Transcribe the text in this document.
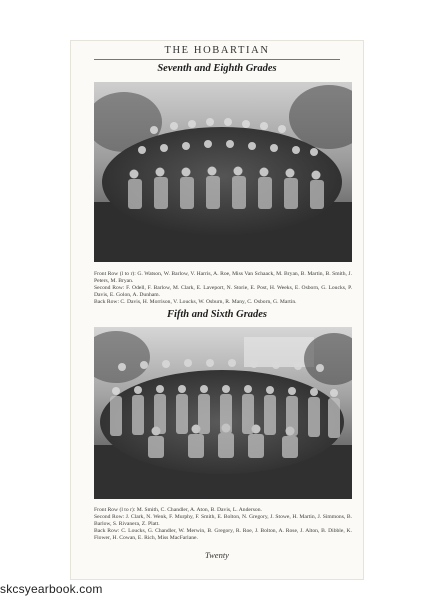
THE HOBARTIAN
Seventh and Eighth Grades
Front Row (l to r): G. Watson, W. Barlow, V. Harris, A. Roe, Miss Van Schaack, M. Bryan, B. Martin, B. Smith, J. Peters, M. Bryan.
Second Row: F. Odell, F. Barlow, M. Clark, E. Laveport, N. Storie, E. Post, H. Weeks, E. Osborn, G. Loucks, P. Davis, E. Golon, A. Dunham.
Back Row: C. Davis, H. Morrison, V. Loucks, W. Osburn, R. Many, C. Osborn, G. Martin.
Fifth and Sixth Grades
Front Row (l to r): M. Smith, C. Chandler, A. Aton, B. Davis, L. Anderson.
Second Row: J. Clark, N. Wenk, F. Murphy, F. Smith, E. Bolton, N. Gregory, J. Stowe, H. Martin, J. Simmons, B. Barlow, S. Rivanera, Z. Platt.
Back Row: C. Loucks, G. Chandler, W. Merwin, B. Gregory, R. Roe, J. Bolton, A. Rose, J. Alton, B. Dibble, K. Flower, H. Cowan, E. Rich, Miss MacFarlane.
Twenty
skcsyearbook.com
